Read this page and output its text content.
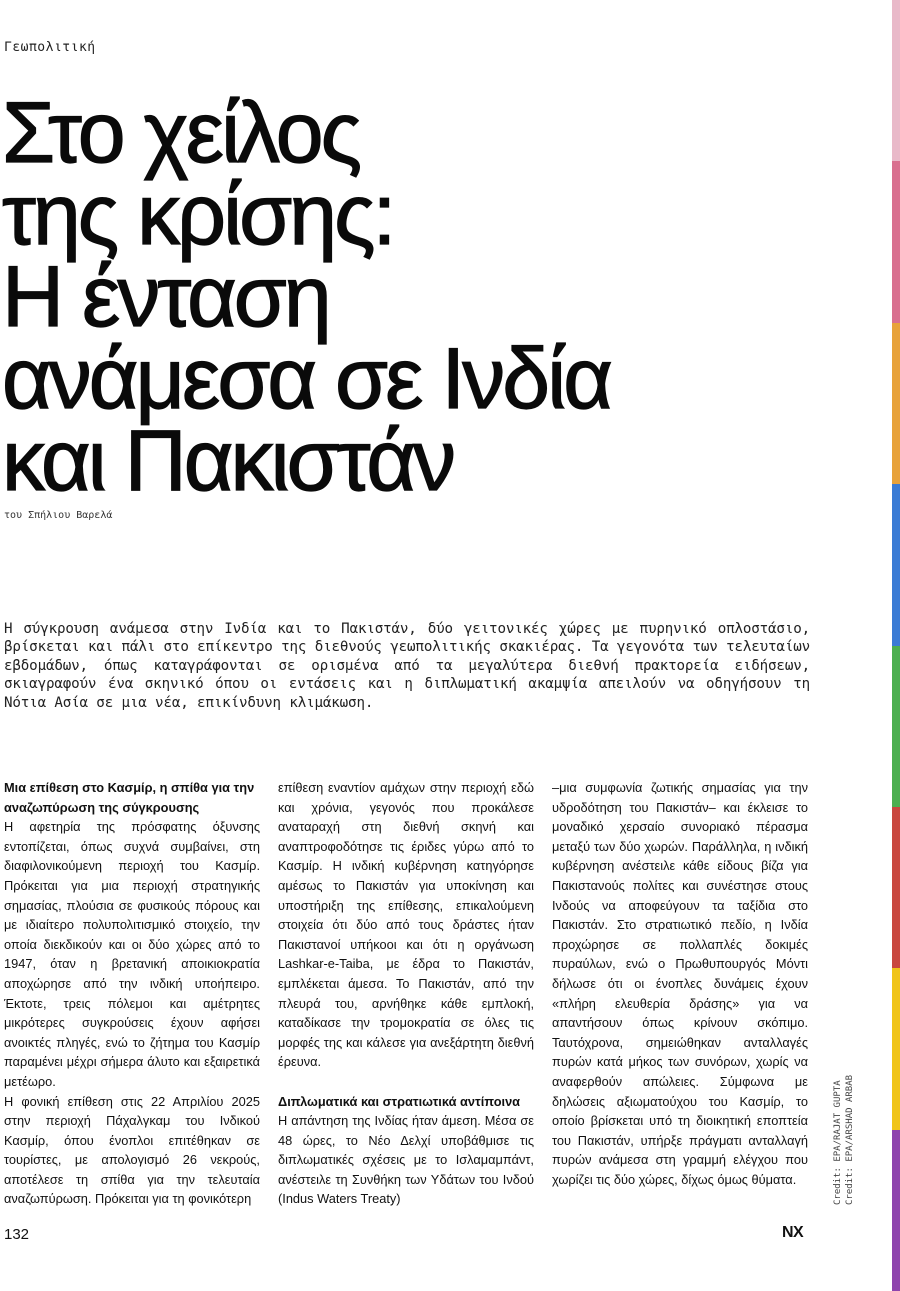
Γεωπολιτική
Στο χείλος
της κρίσης:
Η ένταση
ανάμεσα σε Ινδία
και Πακιστάν
του Σπήλιου Βαρελά

Η σύγκρουση ανάμεσα στην Ινδία και το Πακιστάν, δύο γειτονικές χώρες με πυρηνικό οπλοστάσιο, βρίσκεται και πάλι στο επίκεντρο της διεθνούς γεωπολιτικής σκακιέρας. Τα γεγονότα των τελευταίων εβδομάδων, όπως καταγράφονται σε ορισμένα από τα μεγαλύτερα διεθνή πρακτορεία ειδήσεων, σκιαγραφούν ένα σκηνικό όπου οι εντάσεις και η διπλωματική ακαμψία απειλούν να οδηγήσουν τη Νότια Ασία σε μια νέα, επικίνδυνη κλιμάκωση.

Μια επίθεση στο Κασμίρ, η σπίθα για την αναζωπύρωση της σύγκρουσης

Η αφετηρία της πρόσφατης όξυνσης εντοπίζεται, όπως συχνά συμβαίνει, στη διαφιλονικούμενη περιοχή του Κασμίρ. Πρόκειται για μια περιοχή στρατηγικής σημασίας, πλούσια σε φυσικούς πόρους και με ιδιαίτερο πολυπολιτισμικό στοιχείο, την οποία διεκδικούν και οι δύο χώρες από το 1947, όταν η βρετανική αποικιοκρατία αποχώρησε από την ινδική υποήπειρο. Έκτοτε, τρεις πόλεμοι και αμέτρητες μικρότερες συγκρούσεις έχουν αφήσει ανοικτές πληγές, ενώ το ζήτημα του Κασμίρ παραμένει μέχρι σήμερα άλυτο και εξαιρετικά μετέωρο.

Η φονική επίθεση στις 22 Απριλίου 2025 στην περιοχή Πάχαλγκαμ του Ινδικού Κασμίρ, όπου ένοπλοι επιτέθηκαν σε τουρίστες, με απολογισμό 26 νεκρούς, αποτέλεσε τη σπίθα για την τελευταία αναζωπύρωση. Πρόκειται για τη φονικότερη

επίθεση εναντίον αμάχων στην περιοχή εδώ και χρόνια, γεγονός που προκάλεσε αναταραχή στη διεθνή σκηνή και αναπτροφοδότησε τις έριδες γύρω από το Κασμίρ. Η ινδική κυβέρνηση κατηγόρησε αμέσως το Πακιστάν για υποκίνηση και υποστήριξη της επίθεσης, επικαλούμενη στοιχεία ότι δύο από τους δράστες ήταν Πακιστανοί υπήκοοι και ότι η οργάνωση Lashkar-e-Taiba, με έδρα το Πακιστάν, εμπλέκεται άμεσα. Το Πακιστάν, από την πλευρά του, αρνήθηκε κάθε εμπλοκή, καταδίκασε την τρομοκρατία σε όλες τις μορφές της και κάλεσε για ανεξάρτητη διεθνή έρευνα.

Διπλωματικά και στρατιωτικά αντίποινα

Η απάντηση της Ινδίας ήταν άμεση. Μέσα σε 48 ώρες, το Νέο Δελχί υποβάθμισε τις διπλωματικές σχέσεις με το Ισλαμαμπάντ, ανέστειλε τη Συνθήκη των Υδάτων του Ινδού (Indus Waters Treaty)

–μια συμφωνία ζωτικής σημασίας για την υδροδότηση του Πακιστάν– και έκλεισε το μοναδικό χερσαίο συνοριακό πέρασμα μεταξύ των δύο χωρών. Παράλληλα, η ινδική κυβέρνηση ανέστειλε κάθε είδους βίζα για Πακιστανούς πολίτες και συνέστησε στους Ινδούς να αποφεύγουν τα ταξίδια στο Πακιστάν. Στο στρατιωτικό πεδίο, η Ινδία προχώρησε σε πολλαπλές δοκιμές πυραύλων, ενώ ο Πρωθυπουργός Μόντι δήλωσε ότι οι ένοπλες δυνάμεις έχουν «πλήρη ελευθερία δράσης» για να απαντήσουν όπως κρίνουν σκόπιμο. Ταυτόχρονα, σημειώθηκαν ανταλλαγές πυρών κατά μήκος των συνόρων, χωρίς να αναφερθούν απώλειες. Σύμφωνα με δηλώσεις αξιωματούχου του Κασμίρ, το οποίο βρίσκεται υπό τη διοικητική εποπτεία του Πακιστάν, υπήρξε πράγματι ανταλλαγή πυρών ανάμεσα στη γραμμή ελέγχου που χωρίζει τις δύο χώρες, δίχως όμως θύματα.	Credit: EPA/RAJAT GUPTA Credit: EPA/ARSHAD ARBAB
132	NX
